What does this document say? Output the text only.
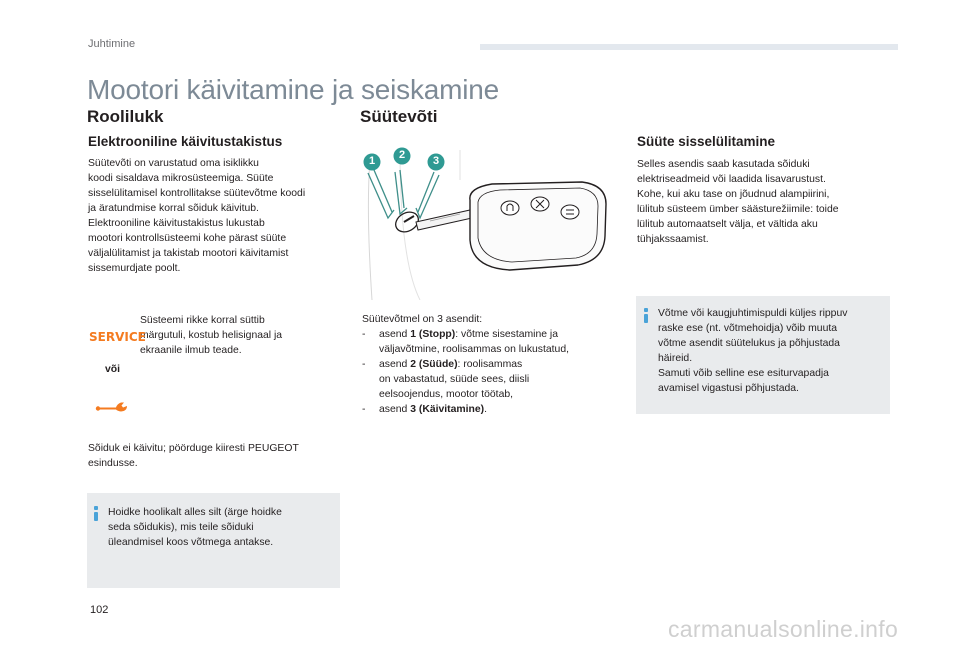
Juhtimine
Mootori käivitamine ja seiskamine
Roolilukk
Elektrooniline käivitustakistus
Süütevõti on varustatud oma isiklikku
koodi sisaldava mikrosüsteemiga. Süüte
sisselülitamisel kontrollitakse süütevõtme koodi
ja äratundmise korral sõiduk käivitub.
Elektrooniline käivitustakistus lukustab
mootori kontrollsüsteemi kohe pärast süüte
väljalülitamist ja takistab mootori käivitamist
sissemurdjate poolt.
Süsteemi rikke korral süttib
märgutuli, kostub helisignaal ja
ekraanile ilmub teade.
SERVICE
või
Sõiduk ei käivitu; pöörduge kiiresti PEUGEOT
esindusse.
Hoidke hoolikalt alles silt (ärge hoidke
seda sõidukis), mis teile sõiduki
üleandmisel koos võtmega antakse.
Süütevõti
1	2	3
Süütevõtmel on 3 asendit:
- asend 1 (Stopp): võtme sisestamine ja
väljavõtmine, roolisammas on lukustatud,
- asend 2 (Süüde): roolisammas
on vabastatud, süüde sees, diisli
eelsoojendus, mootor töötab,
- asend 3 (Käivitamine).
Süüte sisselülitamine
Selles asendis saab kasutada sõiduki
elektriseadmeid või laadida lisavarustust.
Kohe, kui aku tase on jõudnud alampiirini,
lülitub süsteem ümber säästurežiimile: toide
lülitub automaatselt välja, et vältida aku
tühjakssaamist.
Võtme või kaugjuhtimispuldi küljes rippuv
raske ese (nt. võtmehoidja) võib muuta
võtme asendit süütelukus ja põhjustada
häireid.
Samuti võib selline ese esiturvapadja
avamisel vigastusi põhjustada.
102
carmanualsonline.info
